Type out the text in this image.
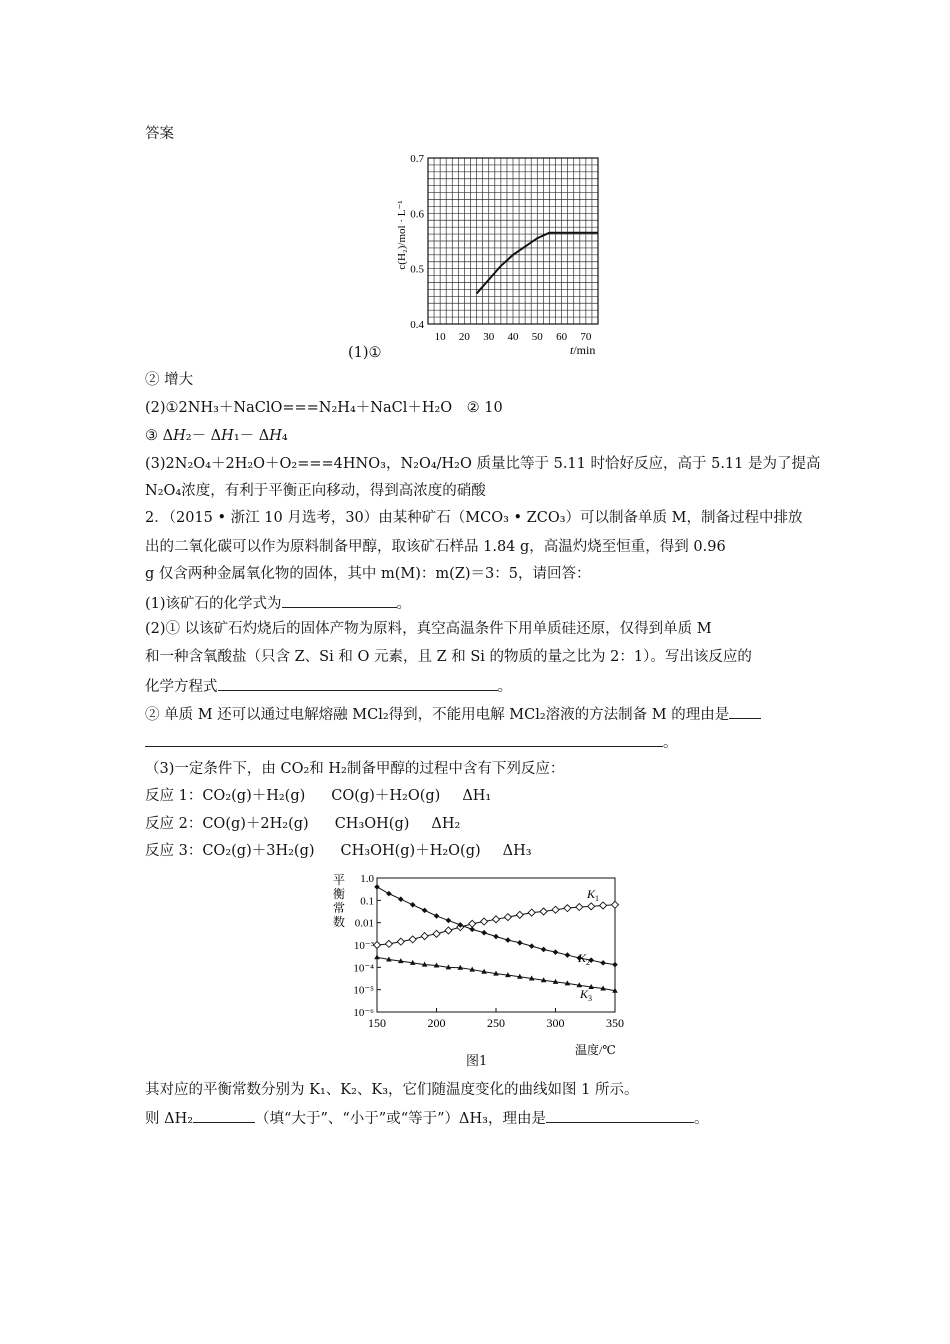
答案
10 20 30 40 50 60 70
0.4
0.5
0.6
0.7
c(H₂)/mol · L⁻¹
t/min
(1)①
② 增大
(2)①2NH₃＋NaClO===N₂H₄＋NaCl＋H₂O　② 10
③ ΔH₂－ ΔH₁－ ΔH₄
(3)2N₂O₄＋2H₂O＋O₂===4HNO₃，N₂O₄/H₂O 质量比等于 5.11 时恰好反应，高于 5.11 是为了提高
N₂O₄浓度，有利于平衡正向移动，得到高浓度的硝酸
2．（2015 • 浙江 10 月选考，30）由某种矿石（MCO₃ • ZCO₃）可以制备单质 M，制备过程中排放
出的二氧化碳可以作为原料制备甲醇，取该矿石样品 1.84 g，高温灼烧至恒重，得到 0.96
g 仅含两种金属氧化物的固体，其中 m(M)：m(Z)＝3：5，请回答：
(1)该矿石的化学式为	。
(2)① 以该矿石灼烧后的固体产物为原料，真空高温条件下用单质硅还原，仅得到单质 M
和一种含氧酸盐（只含 Z、Si 和 O 元素，且 Z 和 Si 的物质的量之比为 2：1）。写出该反应的
化学方程式	。
② 单质 M 还可以通过电解熔融 MCl₂得到，不能用电解 MCl₂溶液的方法制备 M 的理由是
。
（3)一定条件下，由 CO₂和 H₂制备甲醇的过程中含有下列反应：
反应 1：CO₂(g)＋H₂(g) CO(g)＋H₂O(g) ΔH₁
反应 2：CO(g)＋2H₂(g) CH₃OH(g) ΔH₂
反应 3：CO₂(g)＋3H₂(g) CH₃OH(g)＋H₂O(g) ΔH₃
150	200	250	300	350
1.0
0.1
0.01
10⁻³
10⁻⁴
10⁻⁵
10⁻⁶
平
衡
常
数
温度/℃
$K_1$
$K_2$
$K_3$
图1
其对应的平衡常数分别为 K₁、K₂、K₃，它们随温度变化的曲线如图 1 所示。
则 ΔH₂	（填“大于”、“小于”或“等于”）ΔH₃，理由是	。
